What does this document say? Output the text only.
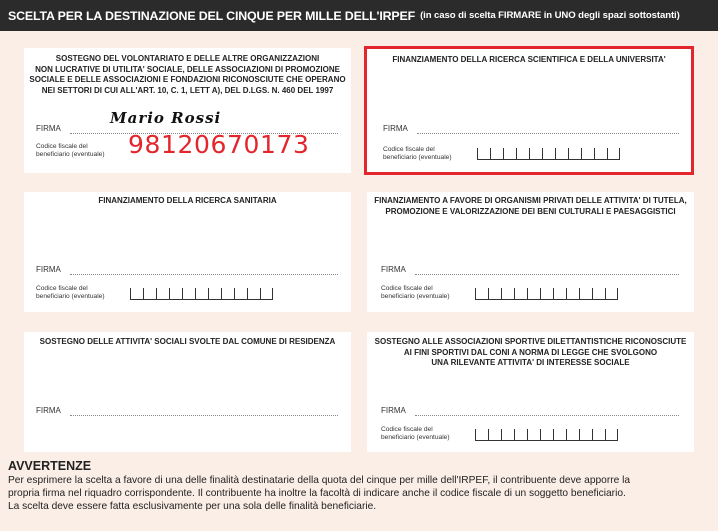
SCELTA PER LA DESTINAZIONE DEL CINQUE PER MILLE DELL'IRPEF (in caso di scelta FIRMARE in UNO degli spazi sottostanti)
SOSTEGNO DEL VOLONTARIATO E DELLE ALTRE ORGANIZZAZIONI
NON LUCRATIVE DI UTILITA' SOCIALE, DELLE ASSOCIAZIONI DI PROMOZIONE
SOCIALE E DELLE ASSOCIAZIONI E FONDAZIONI RICONOSCIUTE CHE OPERANO
NEI SETTORI DI CUI ALL'ART. 10, C. 1, LETT A), DEL D.LGS. N. 460 DEL 1997
Mario Rossi
FIRMA
Codice fiscale del
beneficiario (eventuale) 98120670173
FINANZIAMENTO DELLA RICERCA SCIENTIFICA E DELLA UNIVERSITA'
FIRMA
Codice fiscale del
beneficiario (eventuale)
FINANZIAMENTO DELLA RICERCA SANITARIA
FIRMA
Codice fiscale del
beneficiario (eventuale)
FINANZIAMENTO A FAVORE DI ORGANISMI PRIVATI DELLE ATTIVITA' DI TUTELA,
PROMOZIONE E VALORIZZAZIONE DEI BENI CULTURALI E PAESAGGISTICI
FIRMA
Codice fiscale del
beneficiario (eventuale)
SOSTEGNO DELLE ATTIVITA' SOCIALI SVOLTE DAL COMUNE DI RESIDENZA
FIRMA
SOSTEGNO ALLE ASSOCIAZIONI SPORTIVE DILETTANTISTICHE RICONOSCIUTE
AI FINI SPORTIVI DAL CONI A NORMA DI LEGGE CHE SVOLGONO
UNA RILEVANTE ATTIVITA' DI INTERESSE SOCIALE
FIRMA
Codice fiscale del
beneficiario (eventuale)
AVVERTENZE
Per esprimere la scelta a favore di una delle finalità destinatarie della quota del cinque per mille dell'IRPEF, il contribuente deve apporre la
propria firma nel riquadro corrispondente. Il contribuente ha inoltre la facoltà di indicare anche il codice fiscale di un soggetto beneficiario.
La scelta deve essere fatta esclusivamente per una sola delle finalità beneficiarie.
